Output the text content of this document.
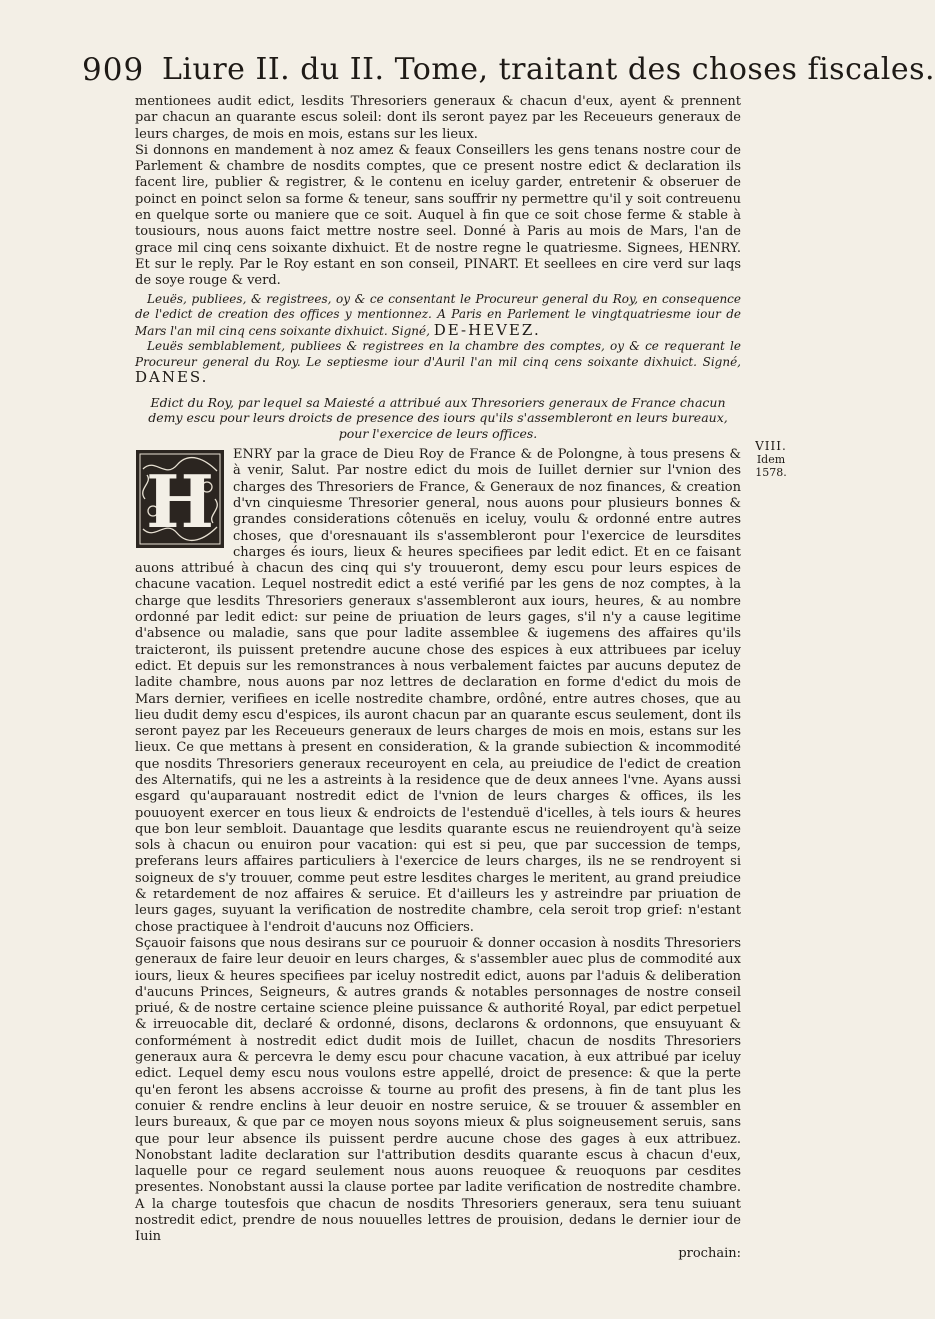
909 Liure II. du II. Tome, traitant des choses fiscales.
VIII.
Idem 1578.

mentionees audit edict, lesdits Thresoriers generaux & chacun d'eux, ayent & prennent par chacun an quarante escus soleil: dont ils seront payez par les Receueurs generaux de leurs charges, de mois en mois, estans sur les lieux.

Si donnons en mandement à noz amez & feaux Conseillers les gens tenans nostre cour de Parlement & chambre de nosdits comptes, que ce present nostre edict & declaration ils facent lire, publier & registrer, & le contenu en iceluy garder, entretenir & obseruer de poinct en poinct selon sa forme & teneur, sans souffrir ny permettre qu'il y soit contreuenu en quelque sorte ou maniere que ce soit. Auquel à fin que ce soit chose ferme & stable à tousiours, nous auons faict mettre nostre seel. Donné à Paris au mois de Mars, l'an de grace mil cinq cens soixante dixhuict. Et de nostre regne le quatriesme. Signees, HENRY. Et sur le reply. Par le Roy estant en son conseil, PINART. Et seellees en cire verd sur laqs de soye rouge & verd.

Leuës, publiees, & registrees, oy & ce consentant le Procureur general du Roy, en consequence de l'edict de creation des offices y mentionnez. A Paris en Parlement le vingtquatriesme iour de Mars l'an mil cinq cens soixante dixhuict. Signé, DE-HEVEZ.

Leuës semblablement, publiees & registrees en la chambre des comptes, oy & ce requerant le Procureur general du Roy. Le septiesme iour d'Auril l'an mil cinq cens soixante dixhuict. Signé, DANES.

Edict du Roy, par lequel sa Maiesté a attribué aux Thresoriers generaux de France chacun demy escu pour leurs droicts de presence des iours qu'ils s'assembleront en leurs bureaux, pour l'exercice de leurs offices.

H

ENRY par la grace de Dieu Roy de France & de Polongne, à tous presens & à venir, Salut. Par nostre edict du mois de Iuillet dernier sur l'vnion des charges des Thresoriers de France, & Generaux de noz finances, & creation d'vn cinquiesme Thresorier general, nous auons pour plusieurs bonnes & grandes considerations côtenuës en iceluy, voulu & ordonné entre autres choses, que d'oresnauant ils s'assembleront pour l'exercice de leursdites charges és iours, lieux & heures specifiees par ledit edict. Et en ce faisant auons attribué à chacun des cinq qui s'y trouueront, demy escu pour leurs espices de chacune vacation. Lequel nostredit edict a esté verifié par les gens de noz comptes, à la charge que lesdits Thresoriers generaux s'assembleront aux iours, heures, & au nombre ordonné par ledit edict: sur peine de priuation de leurs gages, s'il n'y a cause legitime d'absence ou maladie, sans que pour ladite assemblee & iugemens des affaires qu'ils traicteront, ils puissent pretendre aucune chose des espices à eux attribuees par iceluy edict. Et depuis sur les remonstrances à nous verbalement faictes par aucuns deputez de ladite chambre, nous auons par noz lettres de declaration en forme d'edict du mois de Mars dernier, verifiees en icelle nostredite chambre, ordôné, entre autres choses, que au lieu dudit demy escu d'espices, ils auront chacun par an quarante escus seulement, dont ils seront payez par les Receueurs generaux de leurs charges de mois en mois, estans sur les lieux. Ce que mettans à present en consideration, & la grande subiection & incommodité que nosdits Thresoriers generaux receuroyent en cela, au preiudice de l'edict de creation des Alternatifs, qui ne les a astreints à la residence que de deux annees l'vne. Ayans aussi esgard qu'auparauant nostredit edict de l'vnion de leurs charges & offices, ils les pouuoyent exercer en tous lieux & endroicts de l'estenduë d'icelles, à tels iours & heures que bon leur sembloit. Dauantage que lesdits quarante escus ne reuiendroyent qu'à seize sols à chacun ou enuiron pour vacation: qui est si peu, que par succession de temps, preferans leurs affaires particuliers à l'exercice de leurs charges, ils ne se rendroyent si soigneux de s'y trouuer, comme peut estre lesdites charges le meritent, au grand preiudice & retardement de noz affaires & seruice. Et d'ailleurs les y astreindre par priuation de leurs gages, suyuant la verification de nostredite chambre, cela seroit trop grief: n'estant chose practiquee à l'endroit d'aucuns noz Officiers.

Sçauoir faisons que nous desirans sur ce pouruoir & donner occasion à nosdits Thresoriers generaux de faire leur deuoir en leurs charges, & s'assembler auec plus de commodité aux iours, lieux & heures specifiees par iceluy nostredit edict, auons par l'aduis & deliberation d'aucuns Princes, Seigneurs, & autres grands & notables personnages de nostre conseil priué, & de nostre certaine science pleine puissance & authorité Royal, par edict perpetuel & irreuocable dit, declaré & ordonné, disons, declarons & ordonnons, que ensuyuant & conformément à nostredit edict dudit mois de Iuillet, chacun de nosdits Thresoriers generaux aura & percevra le demy escu pour chacune vacation, à eux attribué par iceluy edict. Lequel demy escu nous voulons estre appellé, droict de presence: & que la perte qu'en feront les absens accroisse & tourne au profit des presens, à fin de tant plus les conuier & rendre enclins à leur deuoir en nostre seruice, & se trouuer & assembler en leurs bureaux, & que par ce moyen nous soyons mieux & plus soigneusement seruis, sans que pour leur absence ils puissent perdre aucune chose des gages à eux attribuez. Nonobstant ladite declaration sur l'attribution desdits quarante escus à chacun d'eux, laquelle pour ce regard seulement nous auons reuoquee & reuoquons par cesdites presentes. Nonobstant aussi la clause portee par ladite verification de nostredite chambre. A la charge toutesfois que chacun de nosdits Thresoriers generaux, sera tenu suiuant nostredit edict, prendre de nous nouuelles lettres de prouision, dedans le dernier iour de Iuin

prochain:
